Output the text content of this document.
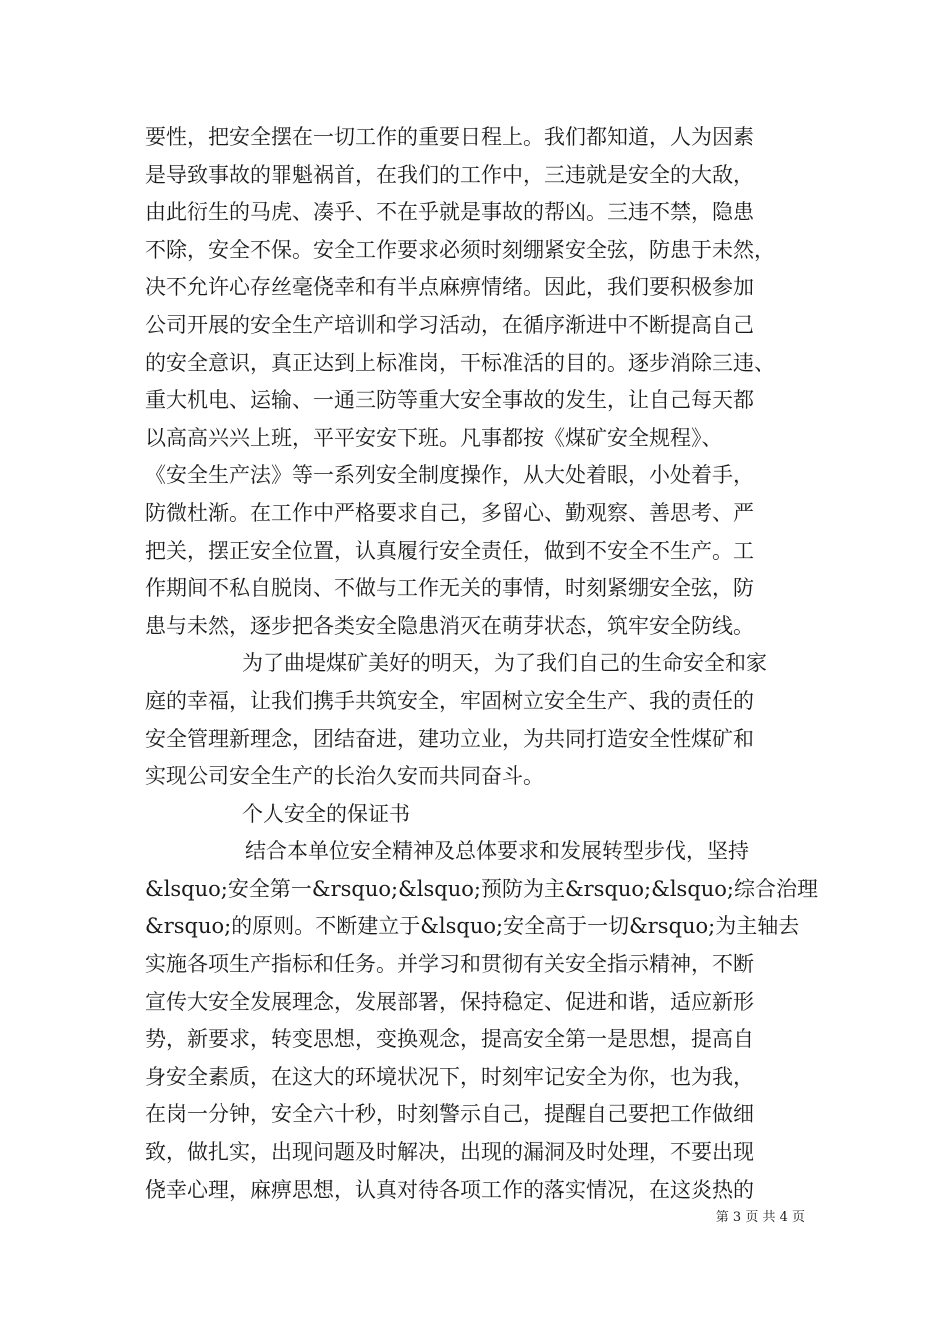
要性，把安全摆在一切工作的重要日程上。我们都知道，人为因素
是导致事故的罪魁祸首，在我们的工作中，三违就是安全的大敌，
由此衍生的马虎、凑乎、不在乎就是事故的帮凶。三违不禁，隐患
不除，安全不保。安全工作要求必须时刻绷紧安全弦，防患于未然，
决不允许心存丝毫侥幸和有半点麻痹情绪。因此，我们要积极参加
公司开展的安全生产培训和学习活动，在循序渐进中不断提高自己
的安全意识，真正达到上标准岗，干标准活的目的。逐步消除三违、
重大机电、运输、一通三防等重大安全事故的发生，让自己每天都
以高高兴兴上班，平平安安下班。凡事都按《煤矿安全规程》、
《安全生产法》等一系列安全制度操作，从大处着眼，小处着手，
防微杜渐。在工作中严格要求自己，多留心、勤观察、善思考、严
把关，摆正安全位置，认真履行安全责任，做到不安全不生产。工
作期间不私自脱岗、不做与工作无关的事情，时刻紧绷安全弦，防
患与未然，逐步把各类安全隐患消灭在萌芽状态，筑牢安全防线。
为了曲堤煤矿美好的明天，为了我们自己的生命安全和家
庭的幸福，让我们携手共筑安全，牢固树立安全生产、我的责任的
安全管理新理念，团结奋进，建功立业，为共同打造安全性煤矿和
实现公司安全生产的长治久安而共同奋斗。
个人安全的保证书
结合本单位安全精神及总体要求和发展转型步伐，坚持
&lsquo;安全第一&rsquo;&lsquo;预防为主&rsquo;&lsquo;综合治理
&rsquo;的原则。不断建立于&lsquo;安全高于一切&rsquo;为主轴去
实施各项生产指标和任务。并学习和贯彻有关安全指示精神，不断
宣传大安全发展理念，发展部署，保持稳定、促进和谐，适应新形
势，新要求，转变思想，变换观念，提高安全第一是思想，提高自
身安全素质，在这大的环境状况下，时刻牢记安全为你，也为我，
在岗一分钟，安全六十秒，时刻警示自己，提醒自己要把工作做细
致，做扎实，出现问题及时解决，出现的漏洞及时处理，不要出现
侥幸心理，麻痹思想，认真对待各项工作的落实情况，在这炎热的
第 3 页 共 4 页
